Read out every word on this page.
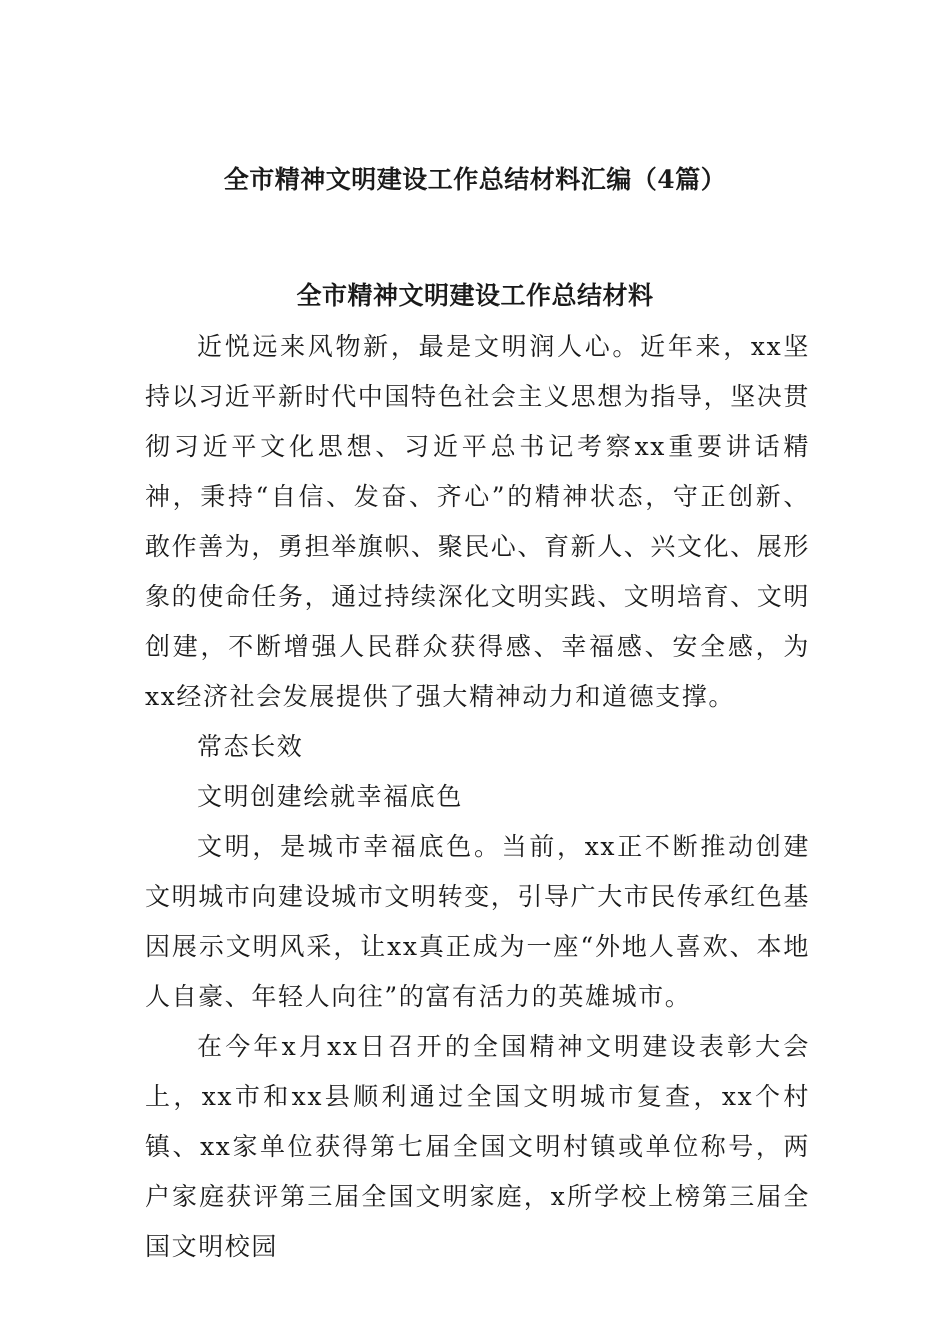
全市精神文明建设工作总结材料汇编（4篇）
全市精神文明建设工作总结材料

近悦远来风物新，最是文明润人心。近年来，xx坚持以习近平新时代中国特色社会主义思想为指导，坚决贯彻习近平文化思想、习近平总书记考察xx重要讲话精神，秉持“自信、发奋、齐心”的精神状态，守正创新、敢作善为，勇担举旗帜、聚民心、育新人、兴文化、展形象的使命任务，通过持续深化文明实践、文明培育、文明创建，不断增强人民群众获得感、幸福感、安全感，为xx经济社会发展提供了强大精神动力和道德支撑。

常态长效

文明创建绘就幸福底色

文明，是城市幸福底色。当前，xx正不断推动创建文明城市向建设城市文明转变，引导广大市民传承红色基因展示文明风采，让xx真正成为一座“外地人喜欢、本地人自豪、年轻人向往”的富有活力的英雄城市。

在今年x月xx日召开的全国精神文明建设表彰大会上，xx市和xx县顺利通过全国文明城市复查，xx个村镇、xx家单位获得第七届全国文明村镇或单位称号，两户家庭获评第三届全国文明家庭，x所学校上榜第三届全国文明校园
